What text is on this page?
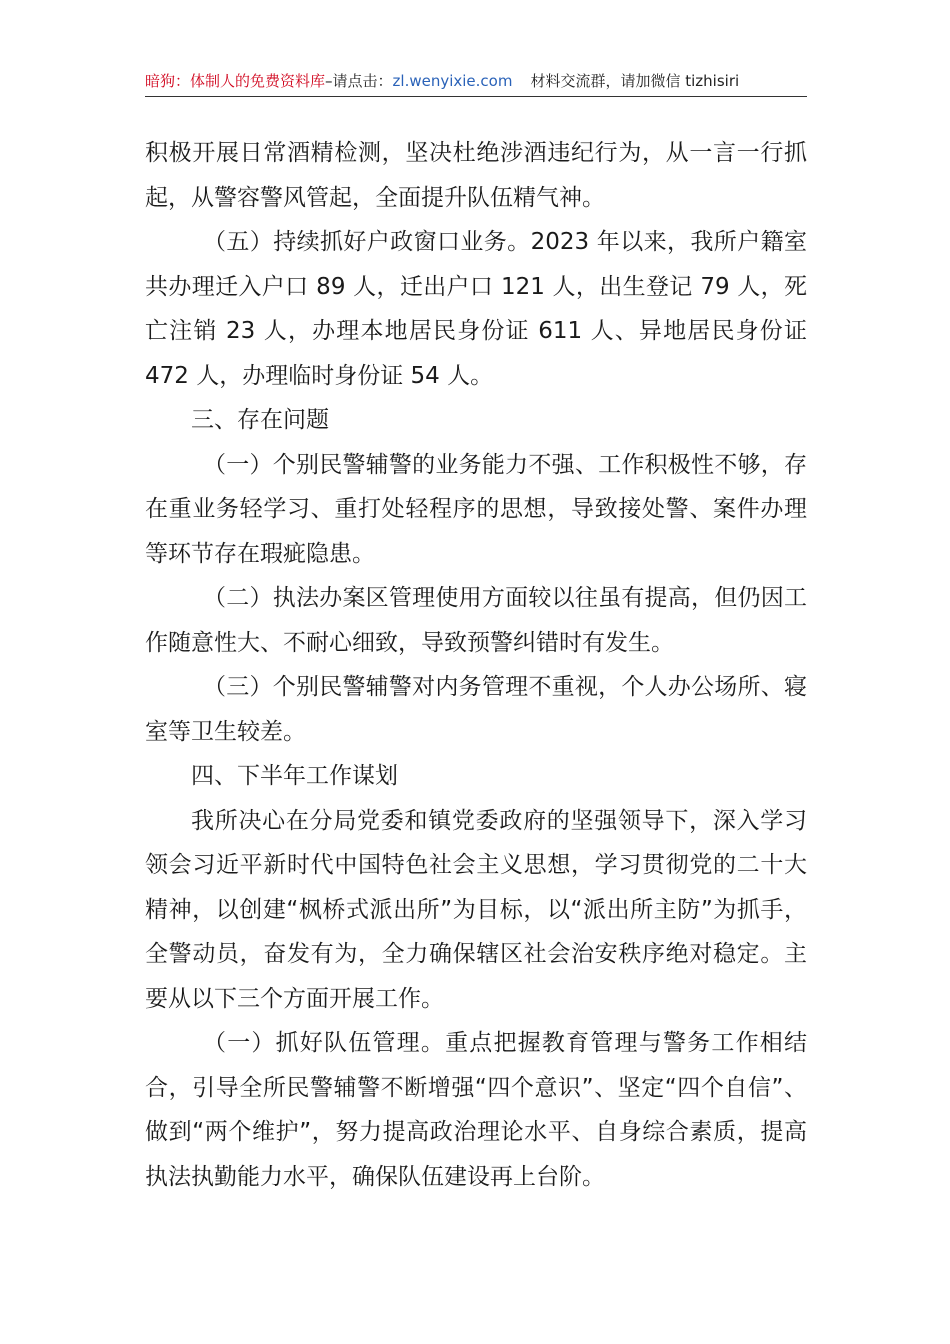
暗狗：体制人的免费资料库–请点击：zl.wenyixie.com 材料交流群，请加微信 tizhisiri

积极开展日常酒精检测，坚决杜绝涉酒违纪行为，从一言一行抓起，从警容警风管起，全面提升队伍精气神。

（五）持续抓好户政窗口业务。2023 年以来，我所户籍室共办理迁入户口 89 人，迁出户口 121 人，出生登记 79 人，死亡注销 23 人，办理本地居民身份证 611 人、异地居民身份证 472 人，办理临时身份证 54 人。

三、存在问题

（一）个别民警辅警的业务能力不强、工作积极性不够，存在重业务轻学习、重打处轻程序的思想，导致接处警、案件办理等环节存在瑕疵隐患。

（二）执法办案区管理使用方面较以往虽有提高，但仍因工作随意性大、不耐心细致，导致预警纠错时有发生。

（三）个别民警辅警对内务管理不重视，个人办公场所、寝室等卫生较差。

四、下半年工作谋划

我所决心在分局党委和镇党委政府的坚强领导下，深入学习领会习近平新时代中国特色社会主义思想，学习贯彻党的二十大精神，以创建“枫桥式派出所”为目标，以“派出所主防”为抓手，全警动员，奋发有为，全力确保辖区社会治安秩序绝对稳定。主要从以下三个方面开展工作。

（一）抓好队伍管理。重点把握教育管理与警务工作相结合，引导全所民警辅警不断增强“四个意识”、坚定“四个自信”、做到“两个维护”，努力提高政治理论水平、自身综合素质，提高执法执勤能力水平，确保队伍建设再上台阶。
